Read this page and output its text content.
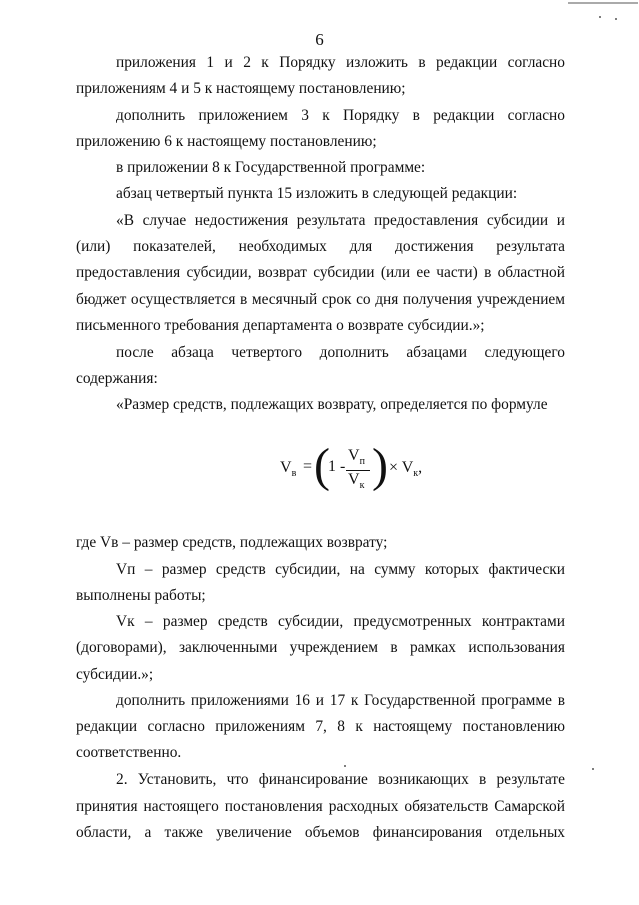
6
приложения 1 и 2 к Порядку изложить в редакции согласно
приложениям 4 и 5 к настоящему постановлению;
дополнить приложением 3 к Порядку в редакции согласно
приложению 6 к настоящему постановлению;
в приложении 8 к Государственной программе:
абзац четвертый пункта 15 изложить в следующей редакции:
«В случае недостижения результата предоставления субсидии и
(или) показателей, необходимых для достижения результата
предоставления субсидии, возврат субсидии (или ее части) в областной
бюджет осуществляется в месячный срок со дня получения учреждением
письменного требования департамента о возврате субсидии.»;
после абзаца четвертого дополнить абзацами следующего
содержания:
«Размер средств, подлежащих возврату, определяется по формуле
$V_в$ = (
1 -
$V_п$
$V_к$ ) × $V_к$,
где Vв – размер средств, подлежащих возврату;
Vп – размер средств субсидии, на сумму которых фактически
выполнены работы;
Vк – размер средств субсидии, предусмотренных контрактами
(договорами), заключенными учреждением в рамках использования
субсидии.»;
дополнить приложениями 16 и 17 к Государственной программе в
редакции согласно приложениям 7, 8 к настоящему постановлению
соответственно.
2. Установить, что финансирование возникающих в результате
принятия настоящего постановления расходных обязательств Самарской
области, а также увеличение объемов финансирования отдельных
